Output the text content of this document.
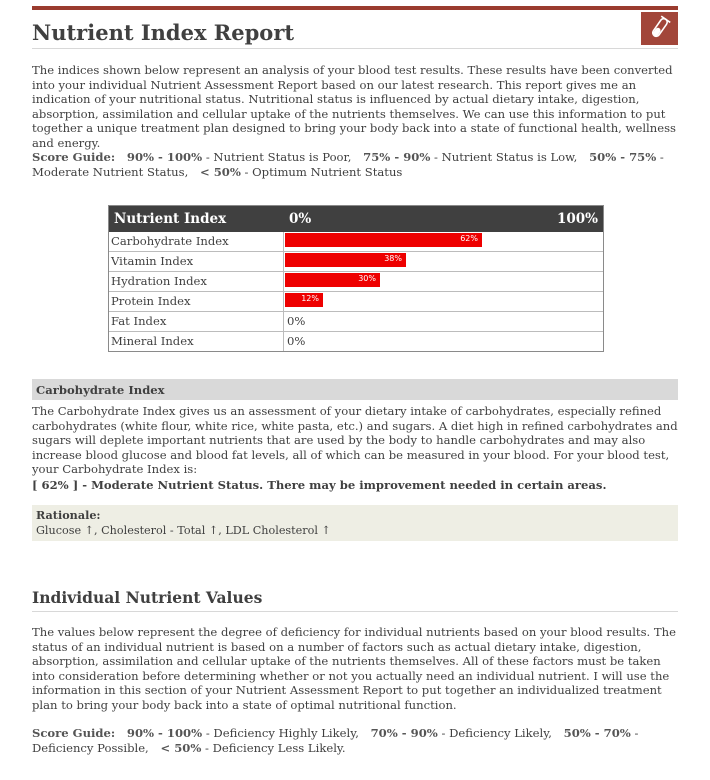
Nutrient Index Report

The indices shown below represent an analysis of your blood test results. These results have been converted into your individual Nutrient Assessment Report based on our latest research. This report gives me an indication of your nutritional status. Nutritional status is influenced by actual dietary intake, digestion, absorption, assimilation and cellular uptake of the nutrients themselves. We can use this information to put together a unique treatment plan designed to bring your body back into a state of functional health, wellness and energy.

Score Guide: 90% - 100% - Nutrient Status is Poor, 75% - 90% - Nutrient Status is Low, 50% - 75% - Moderate Nutrient Status, < 50% - Optimum Nutrient Status

Nutrient Index	0%	100%
Carbohydrate Index	62%
Vitamin Index	38%
Hydration Index	30%
Protein Index	12%
Fat Index	0%
Mineral Index	0%
Carbohydrate Index

The Carbohydrate Index gives us an assessment of your dietary intake of carbohydrates, especially refined carbohydrates (white flour, white rice, white pasta, etc.) and sugars. A diet high in refined carbohydrates and sugars will deplete important nutrients that are used by the body to handle carbohydrates and may also increase blood glucose and blood fat levels, all of which can be measured in your blood. For your blood test, your Carbohydrate Index is:

[ 62% ] - Moderate Nutrient Status. There may be improvement needed in certain areas.

Rationale:
Glucose ↑, Cholesterol - Total ↑, LDL Cholesterol ↑
Individual Nutrient Values

The values below represent the degree of deficiency for individual nutrients based on your blood results. The status of an individual nutrient is based on a number of factors such as actual dietary intake, digestion, absorption, assimilation and cellular uptake of the nutrients themselves. All of these factors must be taken into consideration before determining whether or not you actually need an individual nutrient. I will use the information in this section of your Nutrient Assessment Report to put together an individualized treatment plan to bring your body back into a state of optimal nutritional function.

Score Guide: 90% - 100% - Deficiency Highly Likely, 70% - 90% - Deficiency Likely, 50% - 70% - Deficiency Possible, < 50% - Deficiency Less Likely.
